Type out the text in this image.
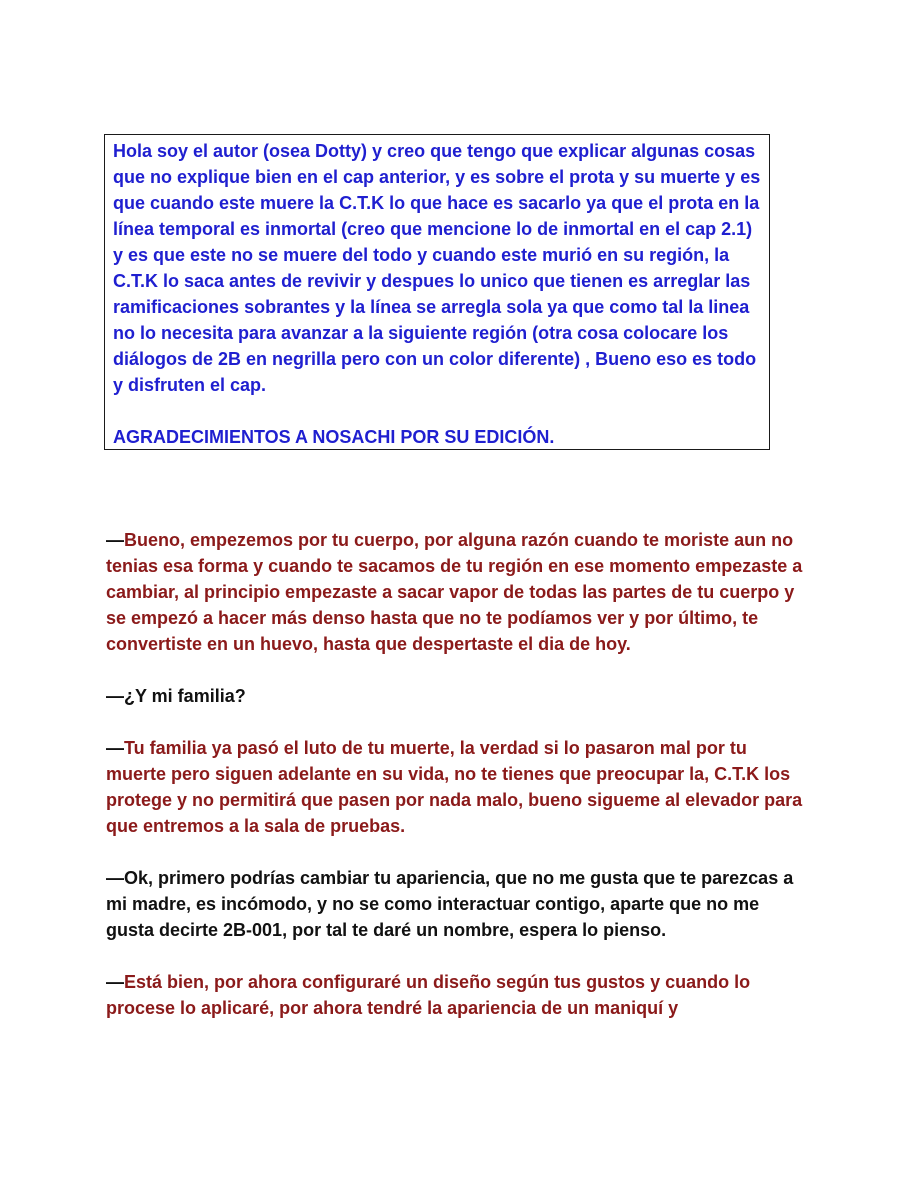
Hola soy el autor (osea Dotty) y creo que tengo que explicar algunas cosas que no explique bien en el cap anterior, y es sobre el prota y su muerte y es que cuando este muere la C.T.K lo que hace es sacarlo ya que el prota en la línea temporal es inmortal (creo que mencione lo de inmortal en el cap 2.1) y es que este no se muere del todo y cuando este murió en su región, la C.T.K lo saca antes de revivir y despues lo unico que tienen es arreglar las ramificaciones sobrantes y la línea se arregla sola ya que como tal la linea no lo necesita para avanzar a la siguiente región (otra cosa colocare los diálogos de 2B en negrilla pero con un color diferente) , Bueno eso es todo y disfruten el cap.

AGRADECIMIENTOS A NOSACHI POR SU EDICIÓN.

—Bueno, empezemos por tu cuerpo, por alguna razón cuando te moriste aun no tenias esa forma y cuando te sacamos de tu región en ese momento empezaste a cambiar, al principio empezaste a sacar vapor de todas las partes de tu cuerpo y se empezó a hacer más denso hasta que no te podíamos ver y por último, te convertiste en un huevo, hasta que despertaste el dia de hoy.

—¿Y mi familia?

—Tu familia ya pasó el luto de tu muerte, la verdad si lo pasaron mal por tu muerte pero siguen adelante en su vida, no te tienes que preocupar la, C.T.K los protege y no permitirá que pasen por nada malo, bueno sigueme al elevador para que entremos a la sala de pruebas.

—Ok, primero podrías cambiar tu apariencia, que no me gusta que te parezcas a mi madre, es incómodo, y no se como interactuar contigo, aparte que no me gusta decirte 2B-001, por tal te daré un nombre, espera lo pienso.

—Está bien, por ahora configuraré un diseño según tus gustos y cuando lo procese lo aplicaré, por ahora tendré la apariencia de un maniquí y
